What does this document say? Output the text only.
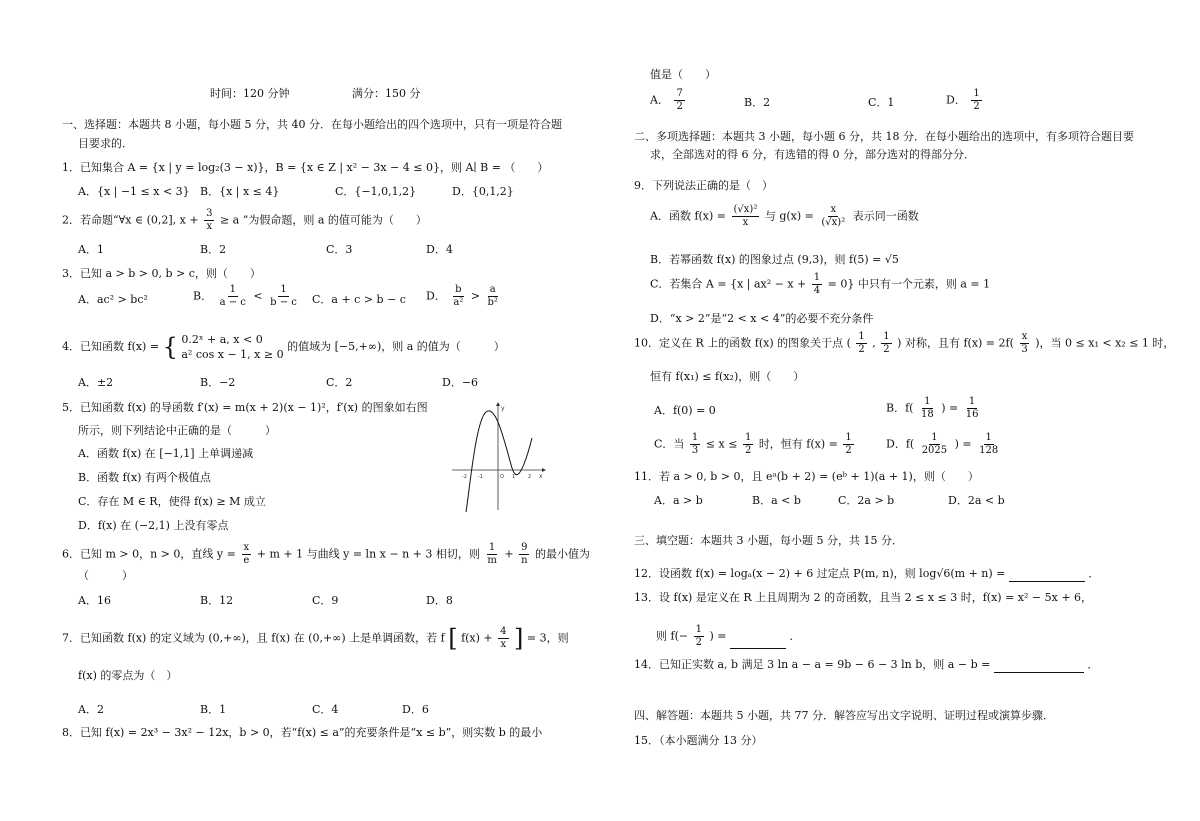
时间：120 分钟	满分：150 分
一、选择题：本题共 8 小题，每小题 5 分，共 40 分．在每小题给出的四个选项中，只有一项是符合题
目要求的．
1．已知集合 A = {x | y = log₂(3 − x)}，B = {x ∈ Z | x² − 3x − 4 ≤ 0}，则 A∣ B = （　　）
A．{x | −1 ≤ x < 3} B．{x | x ≤ 4}	C．{−1,0,1,2}	D．{0,1,2}
2．若命题“∀x ∈ (0,2], $x + \frac{3}{x} \ge a$ ”为假命题，则 a 的值可能为（　　）
A．1	B．2	C．3	D．4
3．已知 a > b > 0, b > c，则（　　）
A．ac² > bc²	B． $\frac{1}{a - c} < \frac{1}{b - c}$ C．a + c > b − c D． $\frac{b}{\text{a²}} > \frac{a}{\text{b²}}$
4．已知函数 f(x) = { 0.2ˣ + a, x < 0
a² cos x − 1, x ≥ 0
的值域为 [−5,+∞)，则 a 的值为（　　　）
A．±2	B．−2	C．2	D．−6
5．已知函数 f(x) 的导函数 f′(x) = m(x + 2)(x − 1)²，f′(x) 的图象如右图
所示，则下列结论中正确的是（　　　）
A．函数 f(x) 在 [−1,1] 上单调递减
B．函数 f(x) 有两个极值点
C．存在 M ∈ R，使得 f(x) ≥ M 成立
D．f(x) 在 (−2,1) 上没有零点
y
x
-2 -1	O 1	2
6．已知 m > 0，n > 0，直线 $y = \frac{x}{e} + m + 1$ 与曲线 y = ln x − n + 3 相切，则 $\frac{1}{m} + \frac{9}{n}$ 的最小值为
（　　　）
A．16	B．12	C．9	D．8
7．已知函数 f(x) 的定义域为 (0,+∞)，且 f(x) 在 (0,+∞) 上是单调函数，若 f [ $f(x) + \frac{4}{x}$ ] = 3，则
f(x) 的零点为（　）
A．2	B．1	C．4	D．6
8．已知 f(x) = 2x³ − 3x² − 12x，b > 0，若“f(x) ≤ a”的充要条件是“x ≤ b”，则实数 b 的最小
值是（　　）
A． $\frac{7}{2}$	B．2	C．1	D． $\frac{1}{2}$
二、多项选择题：本题共 3 小题，每小题 6 分，共 18 分．在每小题给出的选项中，有多项符合题目要
求，全部选对的得 6 分，有选错的得 0 分，部分选对的得部分分．
9．下列说法正确的是（　）
A．函数 $f(x) = \frac{\text{(√x)²}}{x}$ 与 $g(x) = \frac{x}{\text{(√x)²}}$ 表示同一函数
B．若幂函数 f(x) 的图象过点 (9,3)，则 f(5) = √5
C．若集合 A = {x | $ax^2 - x + \frac{1}{4} = 0$} 中只有一个元素，则 a = 1
D．“x > 2”是“2 < x < 4”的必要不充分条件
10．定义在 R 上的函数 f(x) 的图象关于点 ( $\frac{1}{2}$ , $\frac{1}{2}$ ) 对称，且有 $f(x) = 2f( \frac{x}{3}$ )，当 0 ≤ x₁ < x₂ ≤ 1 时，
恒有 f(x₁) ≤ f(x₂)，则（　　）
A．f(0) = 0	B．$f( \frac{1}{18}$ ) = $\frac{1}{16}$
C．当 $\frac{1}{3} \le x \le \frac{1}{2}$ 时，恒有 $f(x) = \frac{1}{2}$	D．$f( \frac{1}{2025}$ ) = $\frac{1}{128}$
11．若 a > 0, b > 0，且 eᵃ(b + 2) = (eᵇ + 1)(a + 1)，则（　　）
A．a > b	B．a < b	C．2a > b	D．2a < b
三、填空题：本题共 3 小题，每小题 5 分，共 15 分．
12．设函数 f(x) = logₐ(x − 2) + 6 过定点 P(m, n)，则 log√6(m + n) =	．
13．设 f(x) 是定义在 R 上且周期为 2 的奇函数，且当 2 ≤ x ≤ 3 时，f(x) = x² − 5x + 6，
则 $f(- \frac{1}{2}$ ) =	．
14．已知正实数 a, b 满足 3 ln a − a = 9b − 6 − 3 ln b，则 a − b =	．
四、解答题：本题共 5 小题，共 77 分．解答应写出文字说明、证明过程或演算步骤．
15．（本小题满分 13 分）
